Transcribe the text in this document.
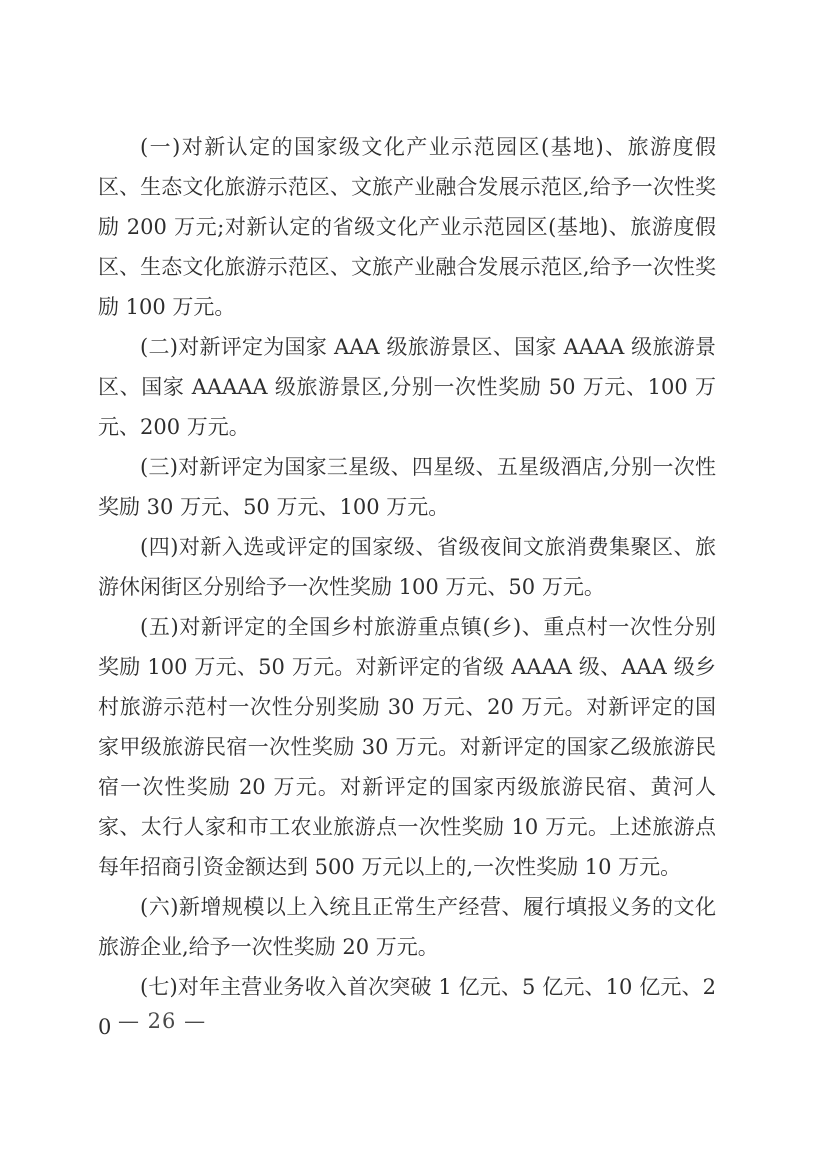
(一)对新认定的国家级文化产业示范园区(基地)、旅游度假区、生态文化旅游示范区、文旅产业融合发展示范区,给予一次性奖励 200 万元;对新认定的省级文化产业示范园区(基地)、旅游度假区、生态文化旅游示范区、文旅产业融合发展示范区,给予一次性奖励 100 万元。

(二)对新评定为国家 AAA 级旅游景区、国家 AAAA 级旅游景区、国家 AAAAA 级旅游景区,分别一次性奖励 50 万元、100 万元、200 万元。

(三)对新评定为国家三星级、四星级、五星级酒店,分别一次性奖励 30 万元、50 万元、100 万元。

(四)对新入选或评定的国家级、省级夜间文旅消费集聚区、旅游休闲街区分别给予一次性奖励 100 万元、50 万元。

(五)对新评定的全国乡村旅游重点镇(乡)、重点村一次性分别奖励 100 万元、50 万元。对新评定的省级 AAAA 级、AAA 级乡村旅游示范村一次性分别奖励 30 万元、20 万元。对新评定的国家甲级旅游民宿一次性奖励 30 万元。对新评定的国家乙级旅游民宿一次性奖励 20 万元。对新评定的国家丙级旅游民宿、黄河人家、太行人家和市工农业旅游点一次性奖励 10 万元。上述旅游点每年招商引资金额达到 500 万元以上的,一次性奖励 10 万元。

(六)新增规模以上入统且正常生产经营、履行填报义务的文化旅游企业,给予一次性奖励 20 万元。

(七)对年主营业务收入首次突破 1 亿元、5 亿元、10 亿元、20 — 26 —
